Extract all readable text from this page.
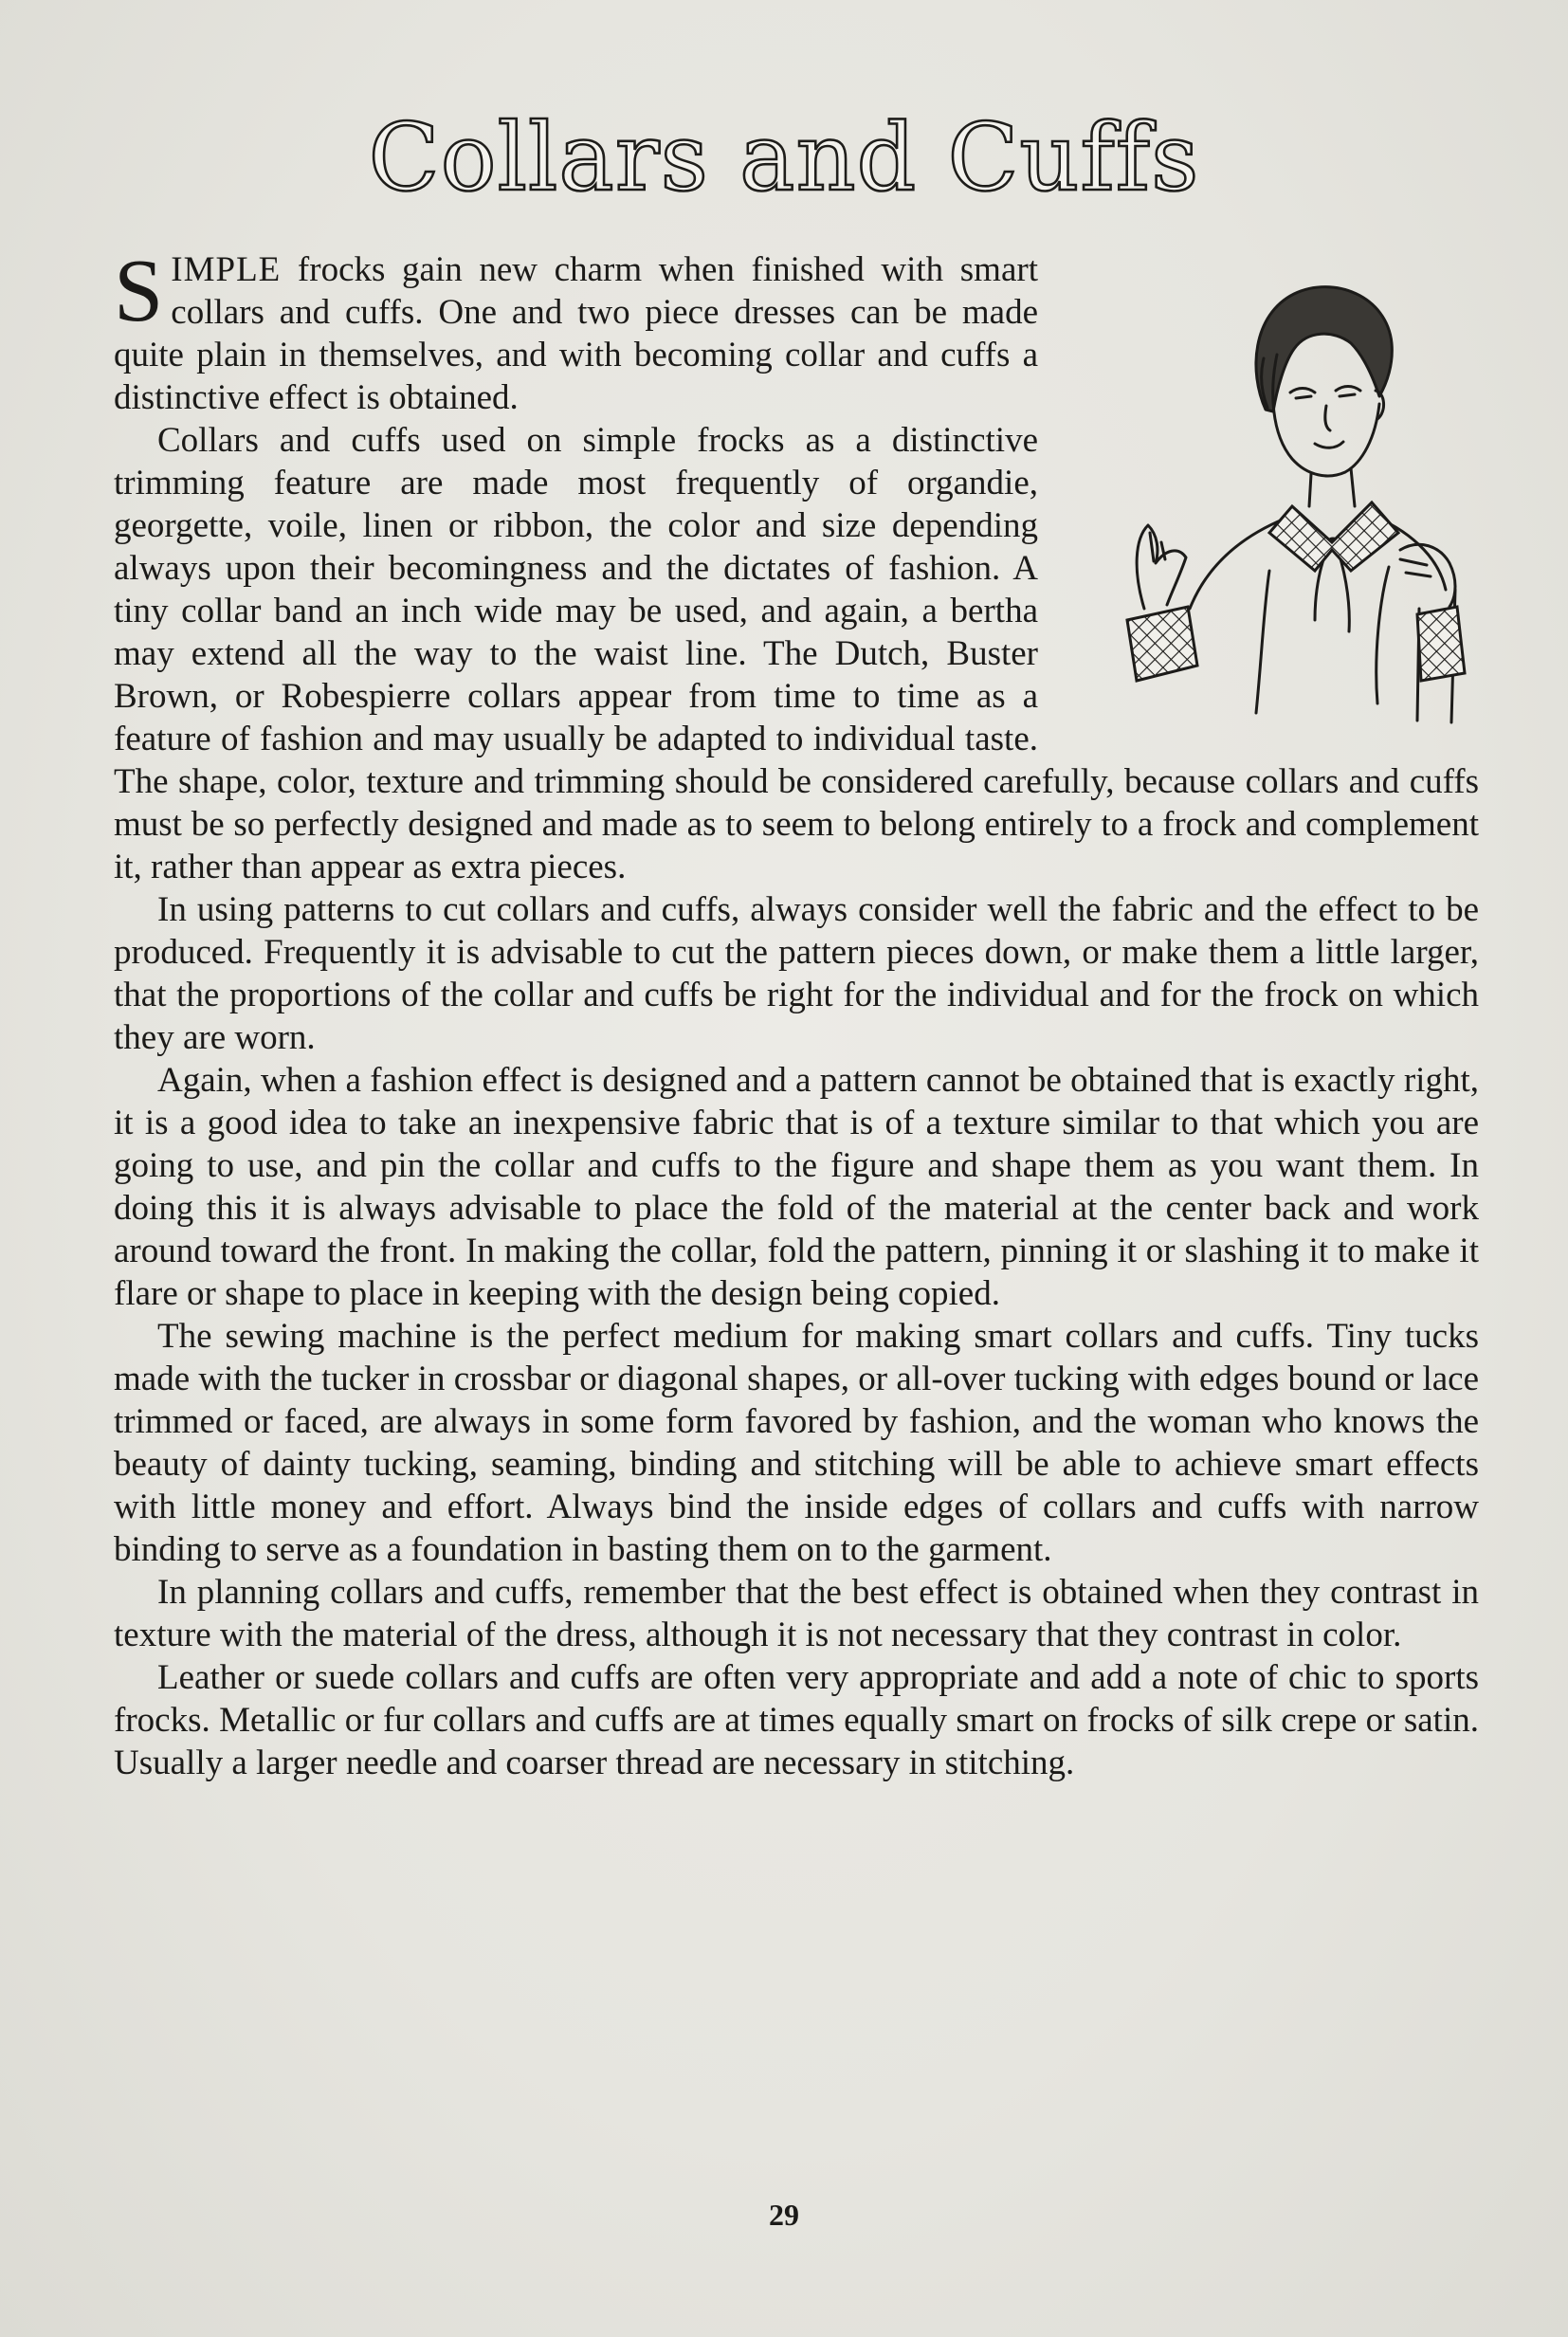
Collars and Cuffs

SIMPLE frocks gain new charm when finished with smart collars and cuffs. One and two piece dresses can be made quite plain in themselves, and with becoming collar and cuffs a distinctive effect is obtained.

Collars and cuffs used on simple frocks as a distinctive trimming feature are made most frequently of organdie, georgette, voile, linen or ribbon, the color and size depending always upon their becomingness and the dictates of fashion. A tiny collar band an inch wide may be used, and again, a bertha may extend all the way to the waist line. The Dutch, Buster Brown, or Robespierre collars appear from time to time as a feature of fashion and may usually be adapted to individual taste. The shape, color, texture and trimming should be considered carefully, because collars and cuffs must be so perfectly designed and made as to seem to belong entirely to a frock and complement it, rather than appear as extra pieces.

In using patterns to cut collars and cuffs, always consider well the fabric and the effect to be produced. Frequently it is advisable to cut the pattern pieces down, or make them a little larger, that the proportions of the collar and cuffs be right for the individual and for the frock on which they are worn.

Again, when a fashion effect is designed and a pattern cannot be obtained that is exactly right, it is a good idea to take an inexpensive fabric that is of a texture similar to that which you are going to use, and pin the collar and cuffs to the figure and shape them as you want them. In doing this it is always advisable to place the fold of the material at the center back and work around toward the front. In making the collar, fold the pattern, pinning it or slashing it to make it flare or shape to place in keeping with the design being copied.

The sewing machine is the perfect medium for making smart collars and cuffs. Tiny tucks made with the tucker in crossbar or diagonal shapes, or all-over tucking with edges bound or lace trimmed or faced, are always in some form favored by fashion, and the woman who knows the beauty of dainty tucking, seaming, binding and stitching will be able to achieve smart effects with little money and effort. Always bind the inside edges of collars and cuffs with narrow binding to serve as a foundation in basting them on to the garment.

In planning collars and cuffs, remember that the best effect is obtained when they contrast in texture with the material of the dress, although it is not necessary that they contrast in color.

Leather or suede collars and cuffs are often very appropriate and add a note of chic to sports frocks. Metallic or fur collars and cuffs are at times equally smart on frocks of silk crepe or satin. Usually a larger needle and coarser thread are necessary in stitching.

29
